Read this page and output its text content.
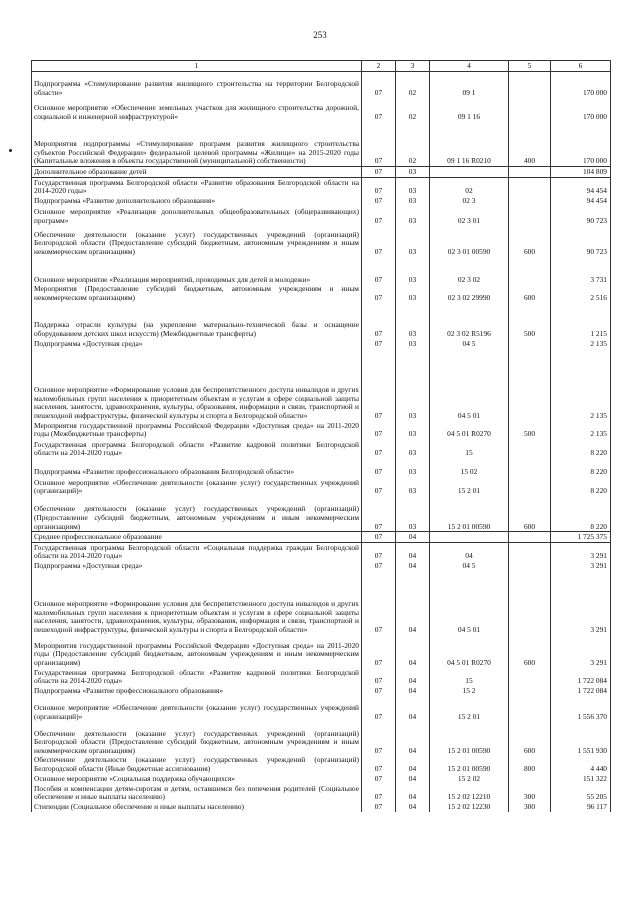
253
1	2	3	4	5	6
Подпрограмма «Стимулирование развития жилищного строительства на территории Белгородской области»	07	02	09 1		170 000
Основное мероприятие «Обеспечение земельных участков для жилищного строительства дорожной, социальной и инженерной инфраструктурой»	07	02	09 1 16		170 000
Мероприятия подпрограммы «Стимулирование программ развития жилищного строительства субъектов Российской Федерации» федеральной целевой программы «Жилище» на 2015-2020 годы (Капитальные вложения в объекты государственной (муниципальной) собственности)	07	02	09 1 16 R0210	400	170 000
Дополнительное образование детей	07	03			104 809
Государственная программа Белгородской области «Развитие образования Белгородской области на 2014-2020 годы»	07	03	02		94 454
Подпрограмма «Развитие дополнительного образования»	07	03	02 3		94 454
Основное мероприятие «Реализация дополнительных общеобразовательных (общеразвивающих) программ»	07	03	02 3 01		90 723
Обеспечение деятельности (оказание услуг) государственных учреждений (организаций) Белгородской области (Предоставление субсидий бюджетным, автономным учреждениям и иным некоммерческим организациям)	07	03	02 3 01 00590	600	90 723
Основное мероприятие «Реализация мероприятий, проводимых для детей и молодежи»	07	03	02 3 02		3 731
Мероприятия (Предоставление субсидий бюджетным, автономным учреждениям и иным некоммерческим организациям)	07	03	02 3 02 29990	600	2 516
Поддержка отрасли культуры (на укрепление материально-технической базы и оснащение оборудованием детских школ искусств) (Межбюджетные трансферты)	07	03	02 3 02 R5196	500	1 215
Подпрограмма «Доступная среда»	07	03	04 5		2 135
Основное мероприятие «Формирование условия для беспрепятственного доступа инвалидов и других маломобильных групп населения к приоритетным объектам и услугам в сфере социальной защиты населения, занятости, здравоохранения, культуры, образования, информации и связи, транспортной и пешеходной инфраструктуры, физической культуры и спорта в Белгородской области»	07	03	04 5 01		2 135
Мероприятия государственной программы Российской Федерации «Доступная среда» на 2011-2020 годы (Межбюджетные трансферты)	07	03	04 5 01 R0270	500	2 135
Государственная программа Белгородской области «Развитие кадровой политики Белгородской области на 2014-2020 годы»	07	03	15		8 220
Подпрограмма «Развитие профессионального образования Белгородской области»	07	03	15 02		8 220
Основное мероприятие «Обеспечение деятельности (оказание услуг) государственных учреждений (организаций)»	07	03	15 2 01		8 220
Обеспечение деятельности (оказание услуг) государственных учреждений (организаций) (Предоставление субсидий бюджетным, автономным учреждениям и иным некоммерческим организациям)	07	03	15 2 01 00590	600	8 220
Среднее профессиональное образование	07	04			1 725 375
Государственная программа Белгородской области «Социальная поддержка граждан Белгородской области на 2014-2020 годы»	07	04	04		3 291
Подпрограмма «Доступная среда»	07	04	04 5		3 291
Основное мероприятие «Формирование условия для беспрепятственного доступа инвалидов и других маломобильных групп населения к приоритетным объектам и услугам в сфере социальной защиты населения, занятости, здравоохранения, культуры, образования, информация и связи, транспортной и пешеходной инфраструктуры, физической культуры и спорта в Белгородской области»	07	04	04 5 01		3 291
Мероприятия государственной программы Российской Федерации «Доступная среда» на 2011-2020 годы (Предоставление субсидий бюджетным, автономным учреждениям и иным некоммерческим организациям)	07	04	04 5 01 R0270	600	3 291
Государственная программа Белгородской области «Развитие кадровой политики Белгородской области на 2014-2020 годы»	07	04	15		1 722 084
Подпрограмма «Развитие профессионального образования»	07	04	15 2		1 722 084
Основное мероприятие «Обеспечение деятельности (оказание услуг) государственных учреждений (организаций)»	07	04	15 2 01		1 556 370
Обеспечение деятельности (оказание услуг) государственных учреждений (организаций) Белгородской области (Предоставление субсидий бюджетным, автономным учреждениям и иным некоммерческим организациям)	07	04	15 2 01 00590	600	1 551 930
Обеспечение деятельности (оказание услуг) государственных учреждений (организаций) Белгородской области (Иные бюджетные ассигнования)	07	04	15 2 01 00590	800	4 440
Основное мероприятие «Социальная поддержка обучающихся»	07	04	15 2 02		151 322
Пособия и компенсации детям-сиротам и детям, оставшимся без попечения родителей (Социальное обеспечение и иные выплаты населению)	07	04	15 2 02 12210	300	55 205
Стипендии (Социальное обеспечение и иные выплаты населению)	07	04	15 2 02 12230	300	96 117
